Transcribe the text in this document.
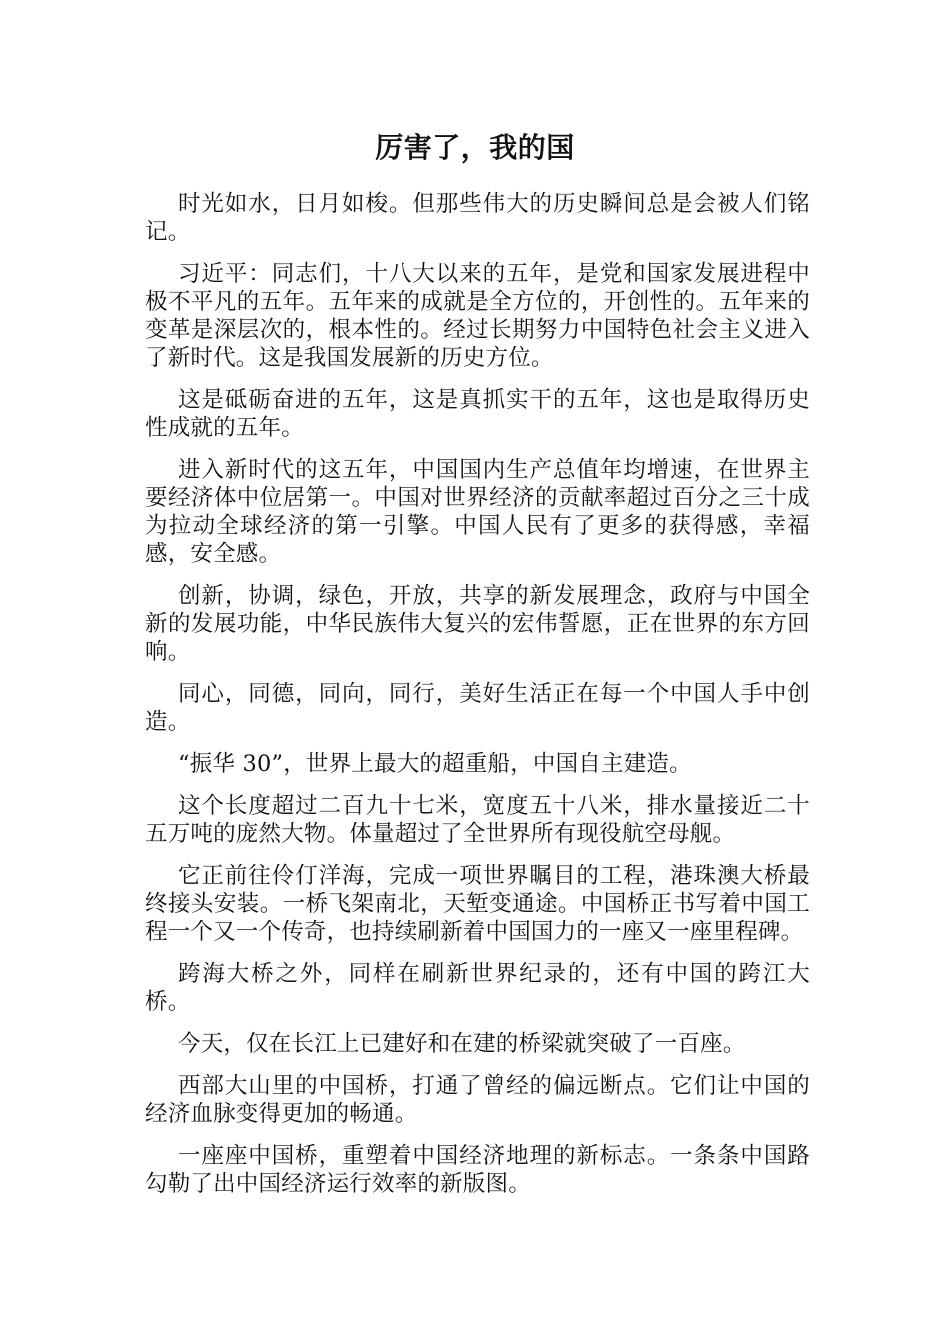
厉害了，我的国

时光如水，日月如梭。但那些伟大的历史瞬间总是会被人们铭记。

习近平：同志们，十八大以来的五年，是党和国家发展进程中极不平凡的五年。五年来的成就是全方位的，开创性的。五年来的变革是深层次的，根本性的。经过长期努力中国特色社会主义进入了新时代。这是我国发展新的历史方位。

这是砥砺奋进的五年，这是真抓实干的五年，这也是取得历史性成就的五年。

进入新时代的这五年，中国国内生产总值年均增速，在世界主要经济体中位居第一。中国对世界经济的贡献率超过百分之三十成为拉动全球经济的第一引擎。中国人民有了更多的获得感，幸福感，安全感。

创新，协调，绿色，开放，共享的新发展理念，政府与中国全新的发展功能，中华民族伟大复兴的宏伟誓愿，正在世界的东方回响。

同心，同德，同向，同行，美好生活正在每一个中国人手中创造。

“振华 30”，世界上最大的超重船，中国自主建造。

这个长度超过二百九十七米，宽度五十八米，排水量接近二十五万吨的庞然大物。体量超过了全世界所有现役航空母舰。

它正前往伶仃洋海，完成一项世界瞩目的工程，港珠澳大桥最终接头安装。一桥飞架南北，天堑变通途。中国桥正书写着中国工程一个又一个传奇，也持续刷新着中国国力的一座又一座里程碑。

跨海大桥之外，同样在刷新世界纪录的，还有中国的跨江大桥。

今天，仅在长江上已建好和在建的桥梁就突破了一百座。

西部大山里的中国桥，打通了曾经的偏远断点。它们让中国的经济血脉变得更加的畅通。

一座座中国桥，重塑着中国经济地理的新标志。一条条中国路勾勒了出中国经济运行效率的新版图。
